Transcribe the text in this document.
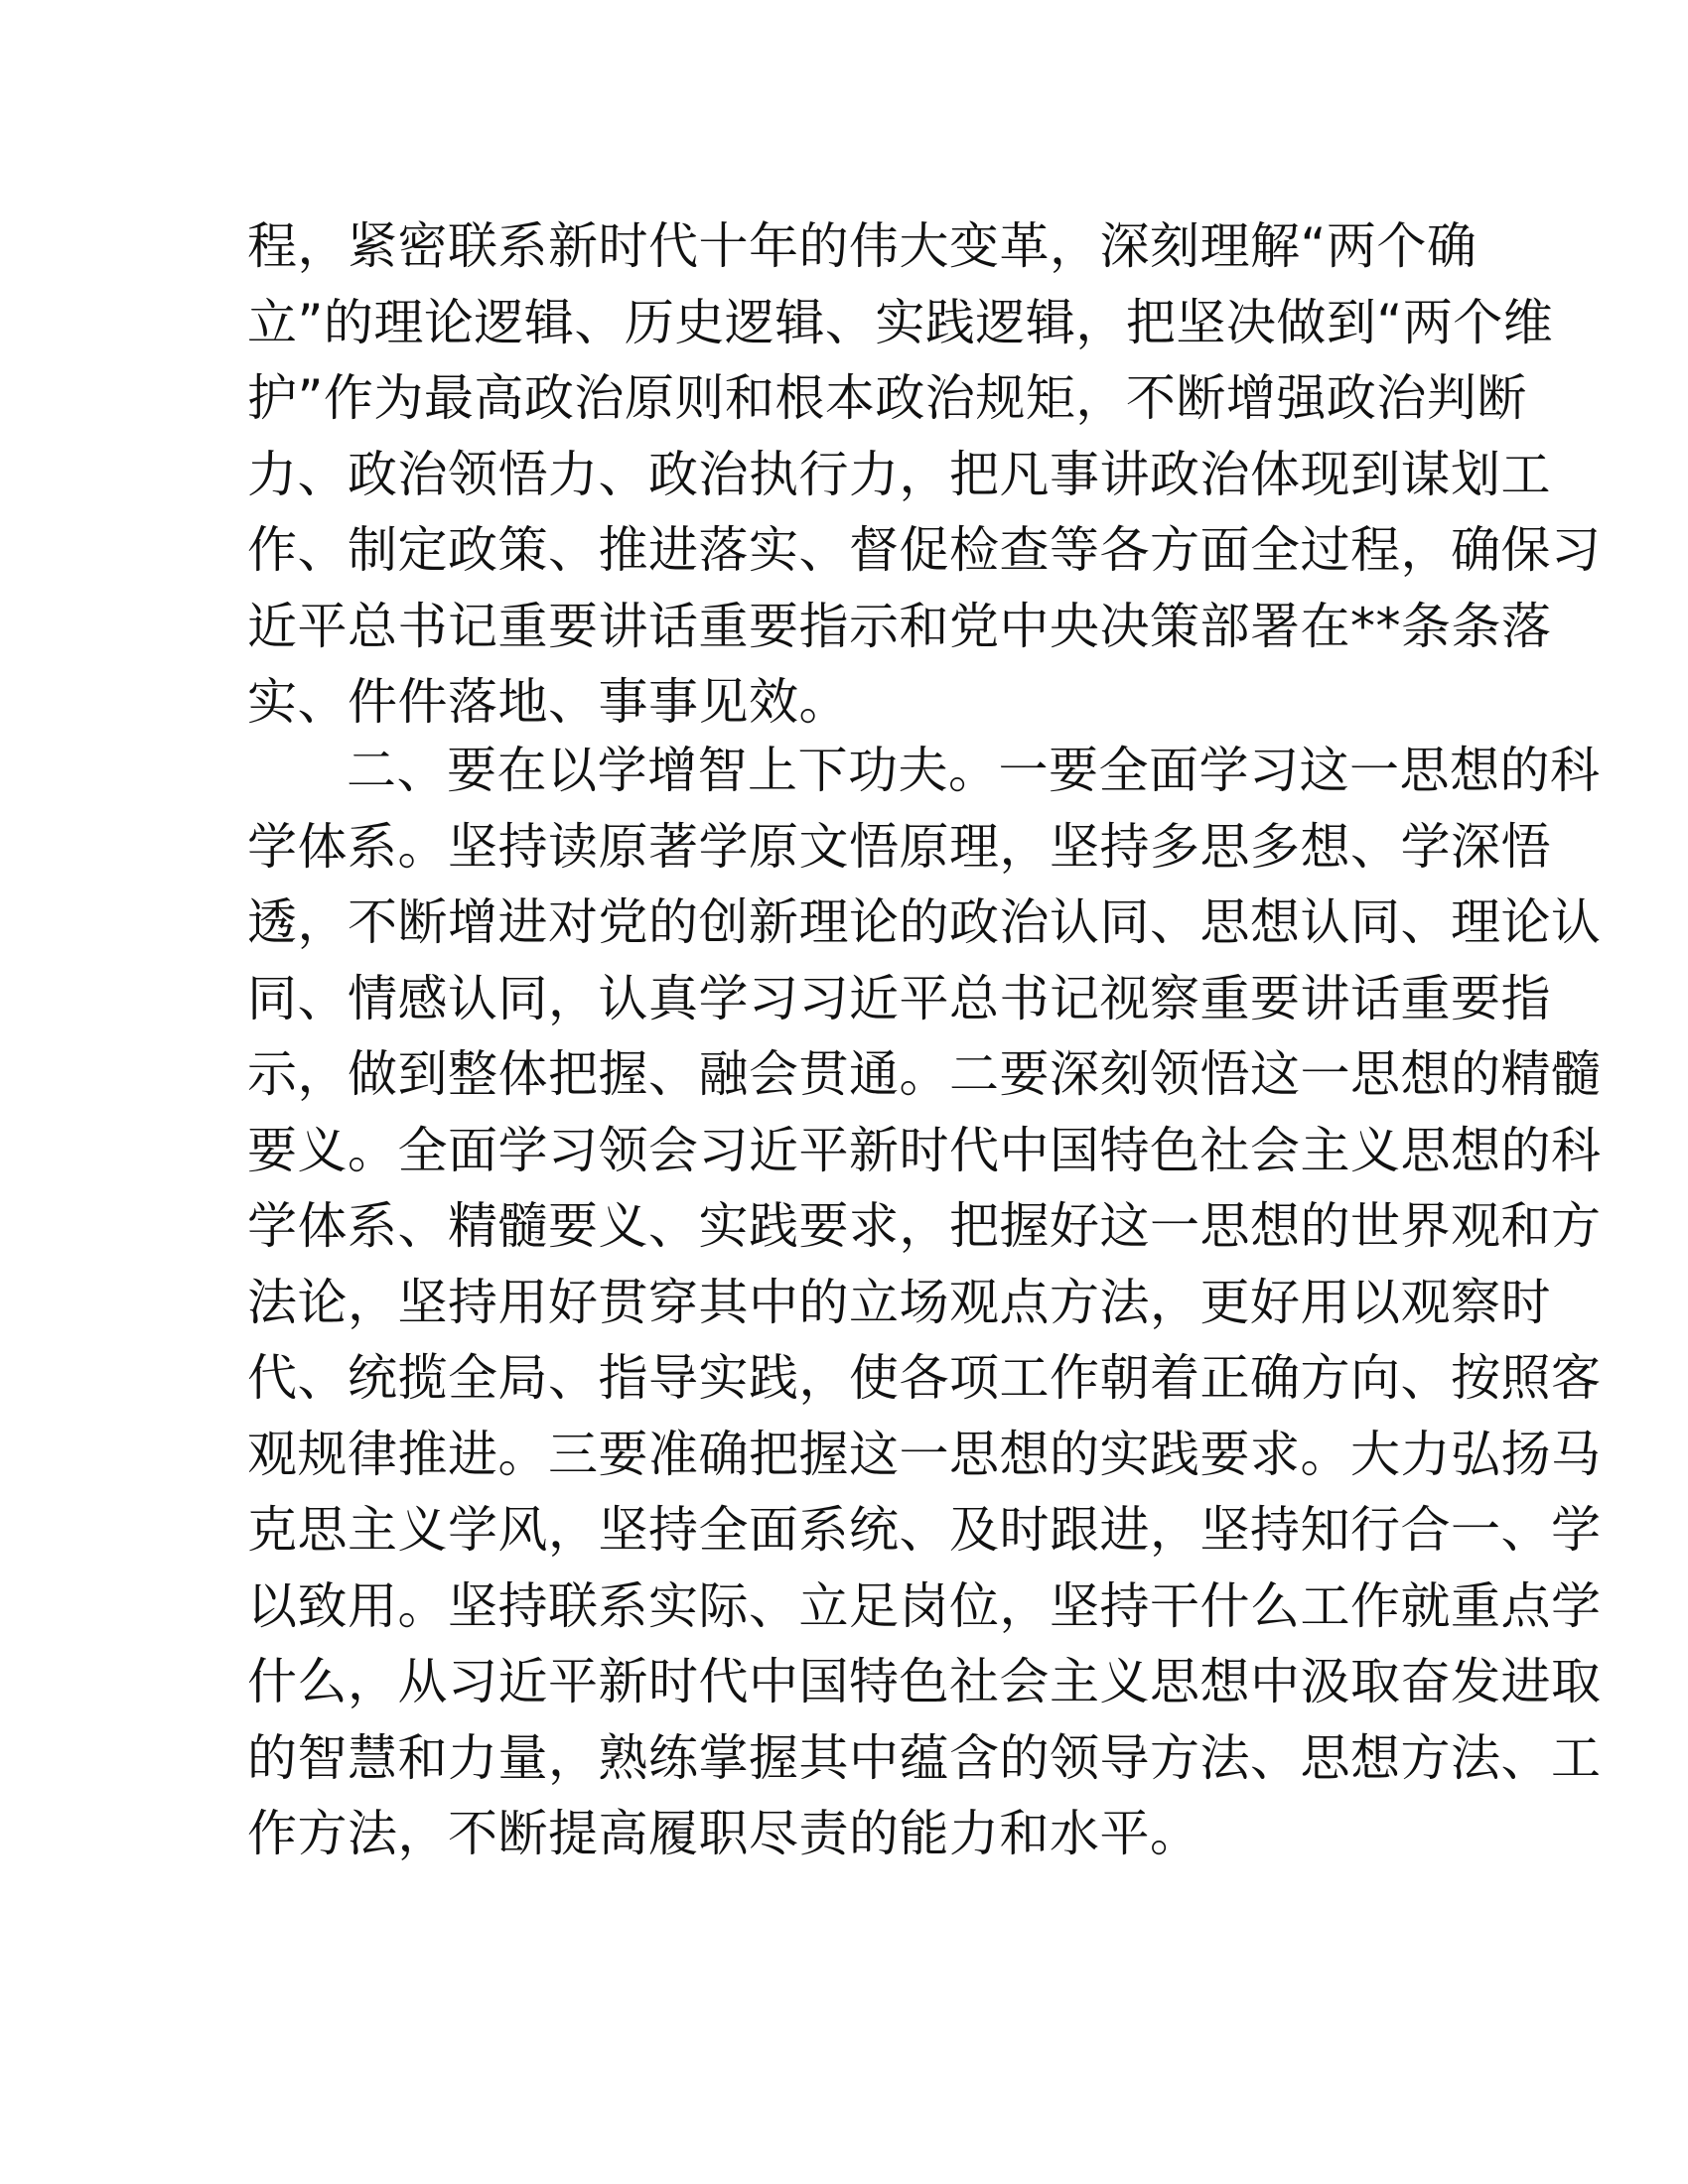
程，紧密联系新时代十年的伟大变革，深刻理解“两个确
立”的理论逻辑、历史逻辑、实践逻辑，把坚决做到“两个维
护”作为最高政治原则和根本政治规矩，不断增强政治判断
力、政治领悟力、政治执行力，把凡事讲政治体现到谋划工
作、制定政策、推进落实、督促检查等各方面全过程，确保习
近平总书记重要讲话重要指示和党中央决策部署在**条条落
实、件件落地、事事见效。
二、要在以学增智上下功夫。一要全面学习这一思想的科
学体系。坚持读原著学原文悟原理，坚持多思多想、学深悟
透，不断增进对党的创新理论的政治认同、思想认同、理论认
同、情感认同，认真学习习近平总书记视察重要讲话重要指
示，做到整体把握、融会贯通。二要深刻领悟这一思想的精髓
要义。全面学习领会习近平新时代中国特色社会主义思想的科
学体系、精髓要义、实践要求，把握好这一思想的世界观和方
法论，坚持用好贯穿其中的立场观点方法，更好用以观察时
代、统揽全局、指导实践，使各项工作朝着正确方向、按照客
观规律推进。三要准确把握这一思想的实践要求。大力弘扬马
克思主义学风，坚持全面系统、及时跟进，坚持知行合一、学
以致用。坚持联系实际、立足岗位，坚持干什么工作就重点学
什么，从习近平新时代中国特色社会主义思想中汲取奋发进取
的智慧和力量，熟练掌握其中蕴含的领导方法、思想方法、工
作方法，不断提高履职尽责的能力和水平。
